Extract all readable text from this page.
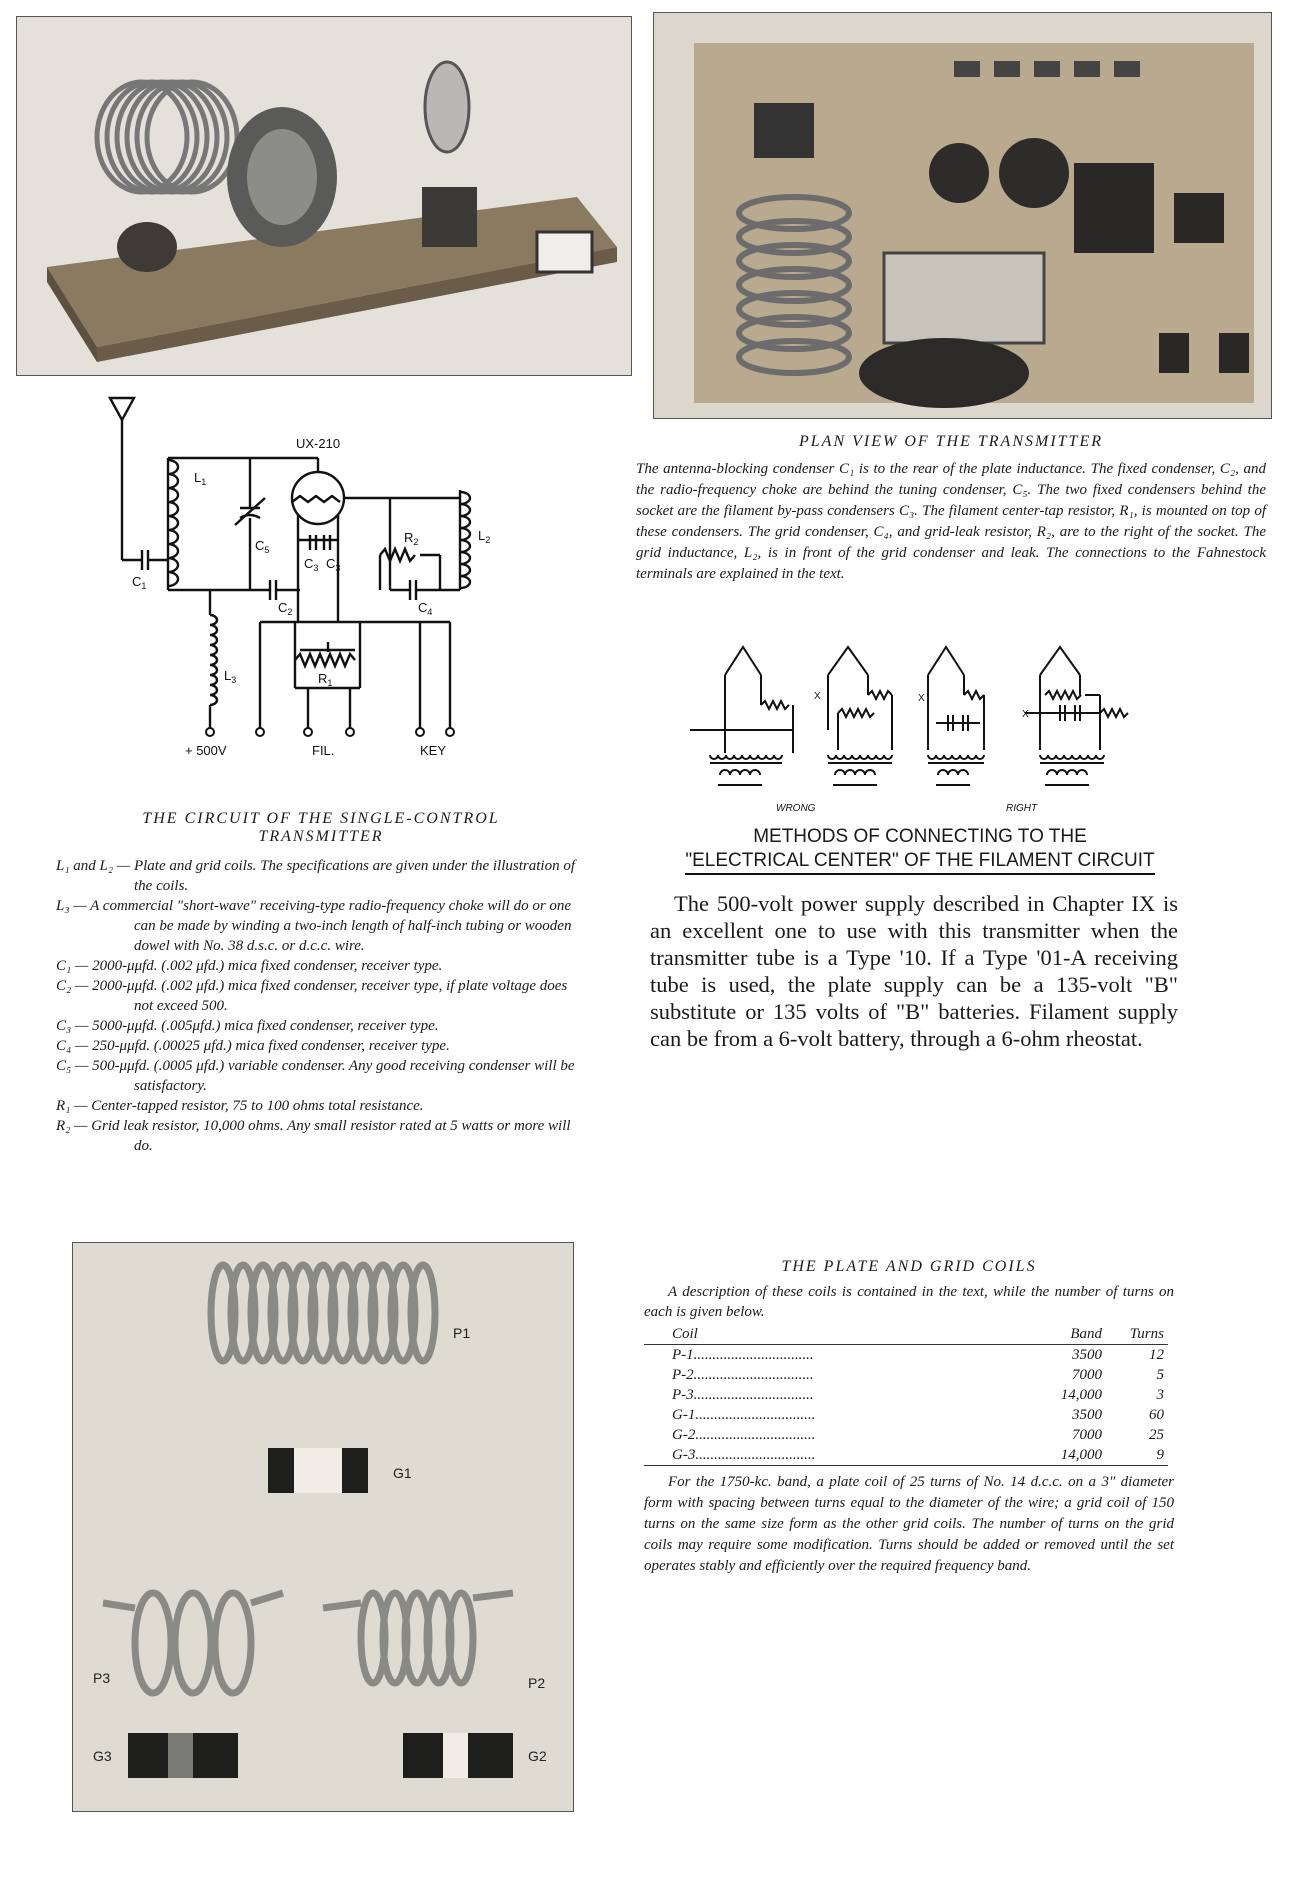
UX-210
$L_1$
$C_5$
$C_1$
$C_2$
$C_3$ $C_3$
$R_2$
$C_4$
$L_2$
$L_3$	$R_1$
+ 500V	FIL.	KEY
THE CIRCUIT OF THE SINGLE-CONTROL TRANSMITTER
L₁ and L₂ — Plate and grid coils. The specifications are given under the illustration of the coils.
L₃ — A commercial "short-wave" receiving-type radio-frequency choke will do or one can be made by winding a two-inch length of half-inch tubing or wooden dowel with No. 38 d.s.c. or d.c.c. wire.
C₁ — 2000-μμfd. (.002 μfd.) mica fixed condenser, receiver type.
C₂ — 2000-μμfd. (.002 μfd.) mica fixed condenser, receiver type, if plate voltage does not exceed 500.
C₃ — 5000-μμfd. (.005μfd.) mica fixed condenser, receiver type.
C₄ — 250-μμfd. (.00025 μfd.) mica fixed condenser, receiver type.
C₅ — 500-μμfd. (.0005 μfd.) variable condenser. Any good receiving condenser will be satisfactory.
R₁ — Center-tapped resistor, 75 to 100 ohms total resistance.
R₂ — Grid leak resistor, 10,000 ohms. Any small resistor rated at 5 watts or more will do.
PLAN VIEW OF THE TRANSMITTER
The antenna-blocking condenser C₁ is to the rear of the plate inductance. The fixed condenser, C₂, and the radio-frequency choke are behind the tuning condenser, C₅. The two fixed condensers behind the socket are the filament by-pass condensers C₃. The filament center-tap resistor, R₁, is mounted on top of these condensers. The grid condenser, C₄, and grid-leak resistor, R₂, are to the right of the socket. The grid inductance, L₂, is in front of the grid condenser and leak. The connections to the Fahnestock terminals are explained in the text.
WRONG	RIGHT
X	X
X
METHODS OF CONNECTING TO THE
"ELECTRICAL CENTER" OF THE FILAMENT CIRCUIT
The 500-volt power supply described in Chapter IX is an excellent one to use with this transmitter when the transmitter tube is a Type '10. If a Type '01-A receiving tube is used, the plate supply can be a 135-volt "B" substitute or 135 volts of "B" batteries. Filament supply can be from a 6-volt battery, through a 6-ohm rheostat.
P1
G1
P3	P2
G3	G2
THE PLATE AND GRID COILS
A description of these coils is contained in the text, while the number of turns on each is given below.
Coil	Band	Turns
P-1................................	3500	12
P-2................................	7000	5
P-3................................	14,000	3
G-1................................	3500	60
G-2................................	7000	25
G-3................................	14,000	9
For the 1750-kc. band, a plate coil of 25 turns of No. 14 d.c.c. on a 3" diameter form with spacing between turns equal to the diameter of the wire; a grid coil of 150 turns on the same size form as the other grid coils. The number of turns on the grid coils may require some modification. Turns should be added or removed until the set operates stably and efficiently over the required frequency band.
